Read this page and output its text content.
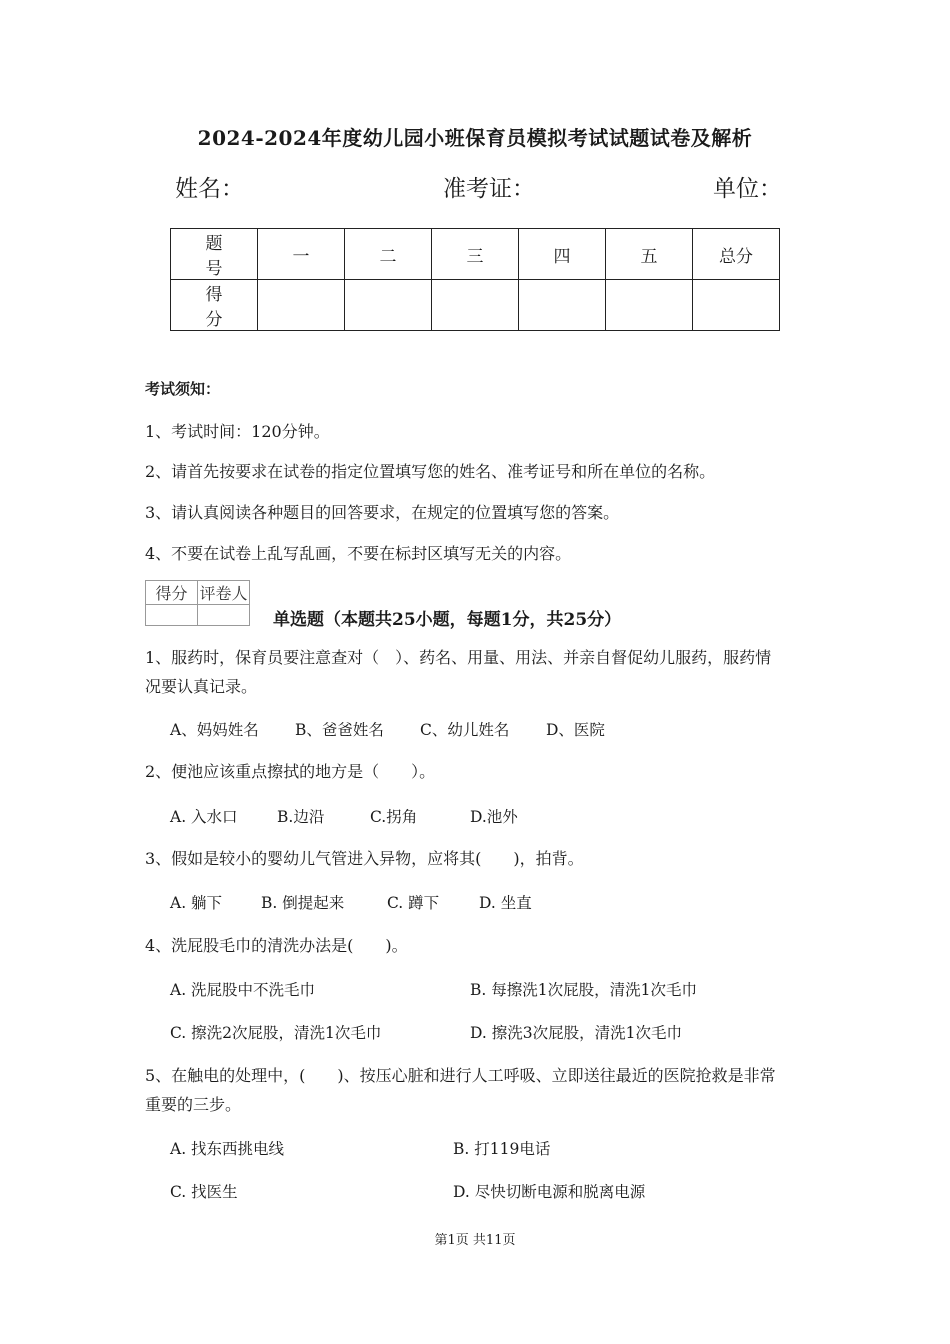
2024-2024年度幼儿园小班保育员模拟考试试题试卷及解析
姓名：	准考证：	单位：
题 号	一	二	三	四	五	总分
得 分						
考试须知：
1、考试时间：120分钟。
2、请首先按要求在试卷的指定位置填写您的姓名、准考证号和所在单位的名称。
3、请认真阅读各种题目的回答要求，在规定的位置填写您的答案。
4、不要在试卷上乱写乱画，不要在标封区填写无关的内容。
得分	评卷人

单选题（本题共25小题，每题1分，共25分）
1、服药时，保育员要注意查对（　）、药名、用量、用法、并亲自督促幼儿服药，服药情
况要认真记录。
A、妈妈姓名 B、爸爸姓名 C、幼儿姓名 D、医院
2、便池应该重点擦拭的地方是（　　）。
A. 入水口	B.边沿	C.拐角	D.池外
3、假如是较小的婴幼儿气管进入异物，应将其(　　)，拍背。
A. 躺下	B. 倒提起来	C. 蹲下	D. 坐直
4、洗屁股毛巾的清洗办法是(　　)。
A. 洗屁股中不洗毛巾	B. 每擦洗1次屁股，清洗1次毛巾
C. 擦洗2次屁股，清洗1次毛巾	D. 擦洗3次屁股，清洗1次毛巾
5、在触电的处理中，(　　)、按压心脏和进行人工呼吸、立即送往最近的医院抢救是非常
重要的三步。
A. 找东西挑电线	B. 打119电话
C. 找医生	D. 尽快切断电源和脱离电源
第1页 共11页
